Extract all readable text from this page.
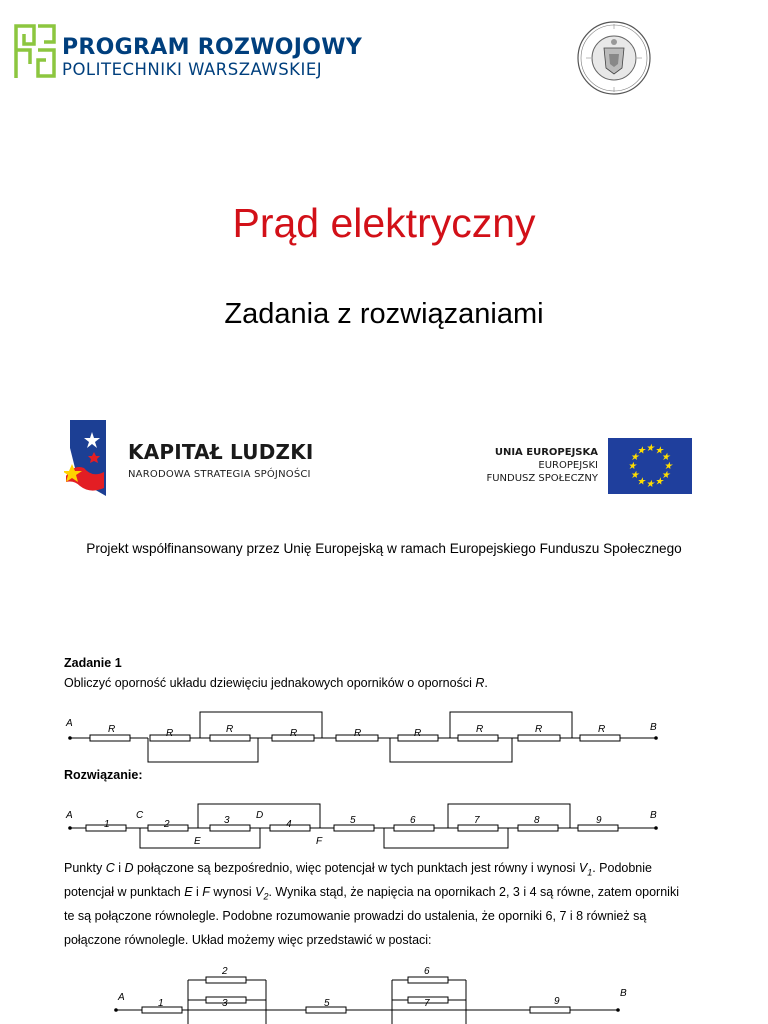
PROGRAM ROZWOJOWY
POLITECHNIKI WARSZAWSKIEJ
Prąd elektryczny
Zadania z rozwiązaniami
KAPITAŁ LUDZKI
NARODOWA STRATEGIA SPÓJNOŚCI
UNIA EUROPEJSKA
EUROPEJSKI
FUNDUSZ SPOŁECZNY
★ ★
★
★
★
★
★
★
★
★
★
★
Projekt współfinansowany przez Unię Europejską w ramach Europejskiego Funduszu Społecznego
Zadanie 1
Obliczyć oporność układu dziewięciu jednakowych oporników o oporności R.
A	B
R	R	R	R	R	R	R	R	R
Rozwiązanie:
A	B
C	D
E	F
1	2	3	4	5	6	7	8	9
Punkty C i D połączone są bezpośrednio, więc potencjał w tych punktach jest równy i wynosi $V_1$. Podobnie
potencjał w punktach E i F wynosi $V_2$. Wynika stąd, że napięcia na opornikach 2, 3 i 4 są równe, zatem oporniki
te są połączone równolegle. Podobne rozumowanie prowadzi do ustalenia, że oporniki 6, 7 i 8 również są
połączone równolegle. Układ możemy więc przedstawić w postaci:
A	B
1
2
3	5
6
7	9
